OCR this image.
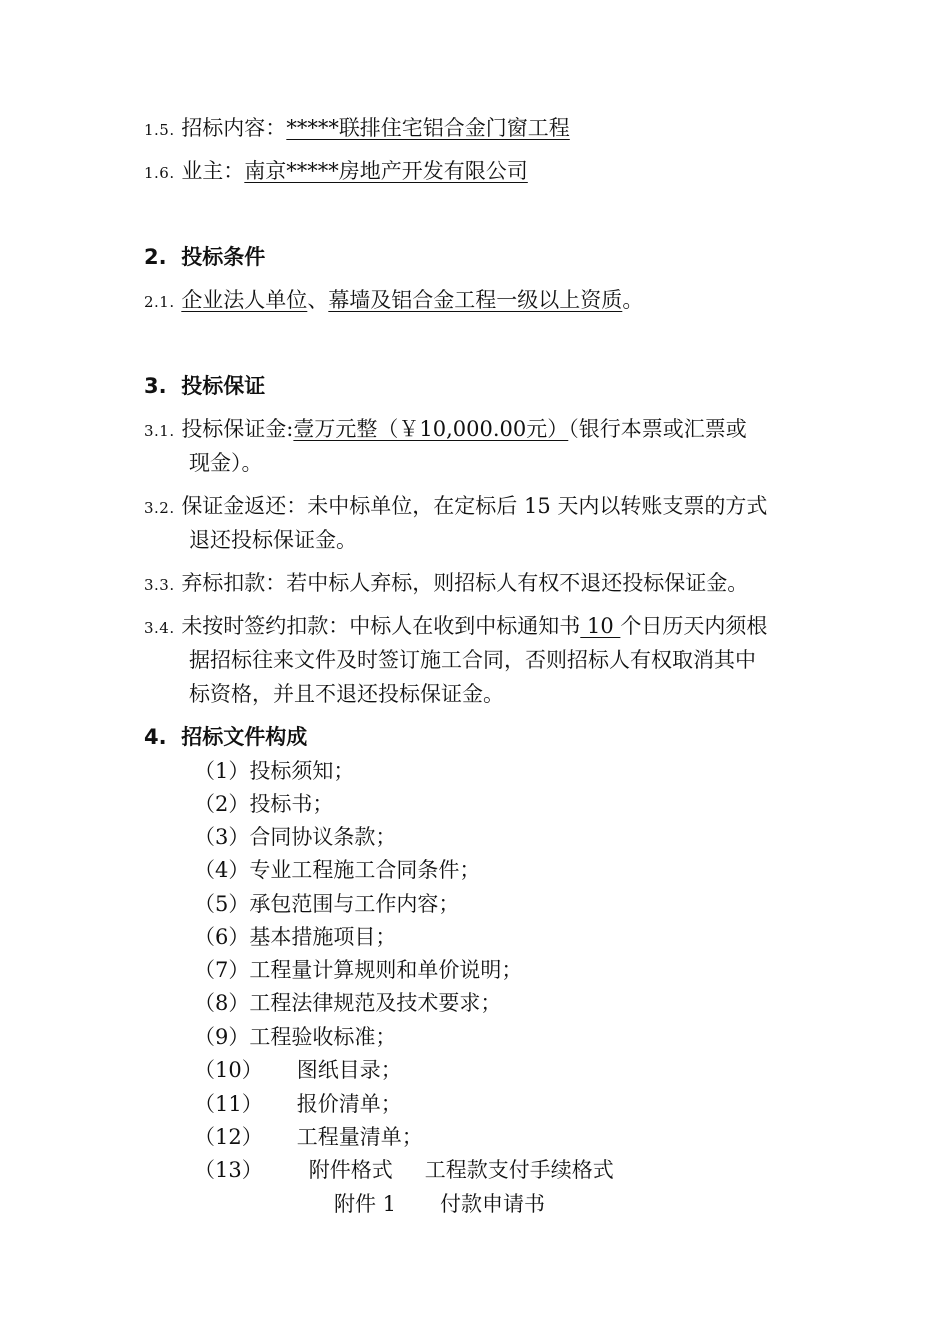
1.5. 招标内容：*****联排住宅铝合金门窗工程
1.6. 业主：南京*****房地产开发有限公司
2. 投标条件
2.1. 企业法人单位、幕墙及铝合金工程一级以上资质。
3. 投标保证
3.1. 投标保证金:壹万元整（￥10,000.00元）（银行本票或汇票或
现金）。
3.2. 保证金返还：未中标单位，在定标后 15 天内以转账支票的方式
退还投标保证金。
3.3. 弃标扣款：若中标人弃标，则招标人有权不退还投标保证金。
3.4. 未按时签约扣款：中标人在收到中标通知书 10 个日历天内须根
据招标往来文件及时签订施工合同，否则招标人有权取消其中
标资格，并且不退还投标保证金。
4. 招标文件构成
（1）投标须知；
（2）投标书；
（3）合同协议条款；
（4）专业工程施工合同条件；
（5）承包范围与工作内容；
（6）基本措施项目；
（7）工程量计算规则和单价说明；
（8）工程法律规范及技术要求；
（9）工程验收标准；
（10） 图纸目录；
（11） 报价清单；
（12） 工程量清单；
（13） 附件格式 工程款支付手续格式
附件 1 付款申请书
